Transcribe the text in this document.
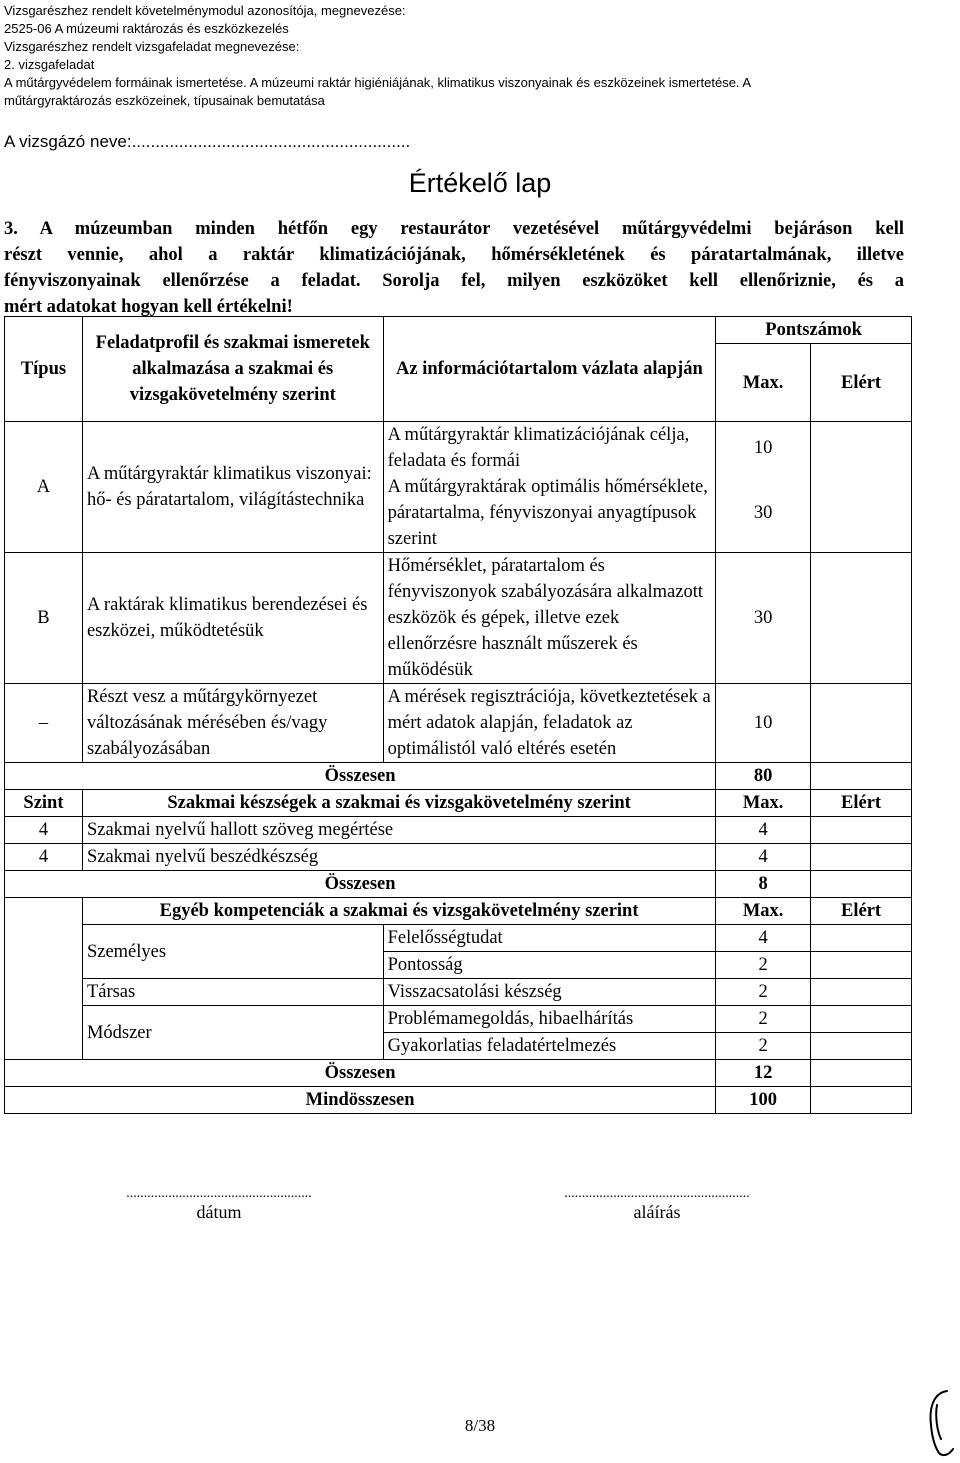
Vizsgarészhez rendelt követelménymodul azonosítója, megnevezése:
2525-06 A múzeumi raktározás és eszközkezelés
Vizsgarészhez rendelt vizsgafeladat megnevezése:
2. vizsgafeladat
A műtárgyvédelem formáinak ismertetése. A múzeumi raktár higiéniájának, klimatikus viszonyainak és eszközeinek ismertetése. A műtárgyraktározás eszközeinek, típusainak bemutatása
A vizsgázó neve:...........................................................
Értékelő lap
3. A múzeumban minden hétfőn egy restaurátor vezetésével műtárgyvédelmi bejáráson kell
részt vennie, ahol a raktár klimatizációjának, hőmérsékletének és páratartalmának, illetve
fényviszonyainak ellenőrzése a feladat. Sorolja fel, milyen eszközöket kell ellenőriznie, és a
mért adatokat hogyan kell értékelni!
Típus	Feladatprofil és szakmai ismeretek alkalmazása a szakmai és vizsgakövetelmény szerint	Az információtartalom vázlata alapján	Pontszámok	
			Max.	Elért
A	A műtárgyraktár klimatikus viszonyai: hő- és páratartalom, világítástechnika	A műtárgyraktár klimatizációjának célja, feladata és formái	10	
		A műtárgyraktárak optimális hőmérséklete, páratartalma, fényviszonyai anyagtípusok szerint	30	
B	A raktárak klimatikus berendezései és eszközei, működtetésük	Hőmérséklet, páratartalom és fényviszonyok szabályozására alkalmazott eszközök és gépek, illetve ezek ellenőrzésre használt műszerek és működésük	30	
–	Részt vesz a műtárgykörnyezet változásának mérésében és/vagy szabályozásában	A mérések regisztrációja, következtetések a mért adatok alapján, feladatok az optimálistól való eltérés esetén	10	
Összesen			80	
Szint	Szakmai készségek a szakmai és vizsgakövetelmény szerint		Max.	Elért
4	Szakmai nyelvű hallott szöveg megértése		4	
4	Szakmai nyelvű beszédkészség		4	
Összesen			8	
	Egyéb kompetenciák a szakmai és vizsgakövetelmény szerint		Max.	Elért
	Személyes	Felelősségtudat	4	
		Pontosság	2	
	Társas	Visszacsatolási készség	2	
	Módszer	Problémamegoldás, hibaelhárítás	2	
		Gyakorlatias feladatértelmezés	2	
Összesen			12	
Mindösszesen			100	
.....................................................
dátum
.....................................................
aláírás
8/38
